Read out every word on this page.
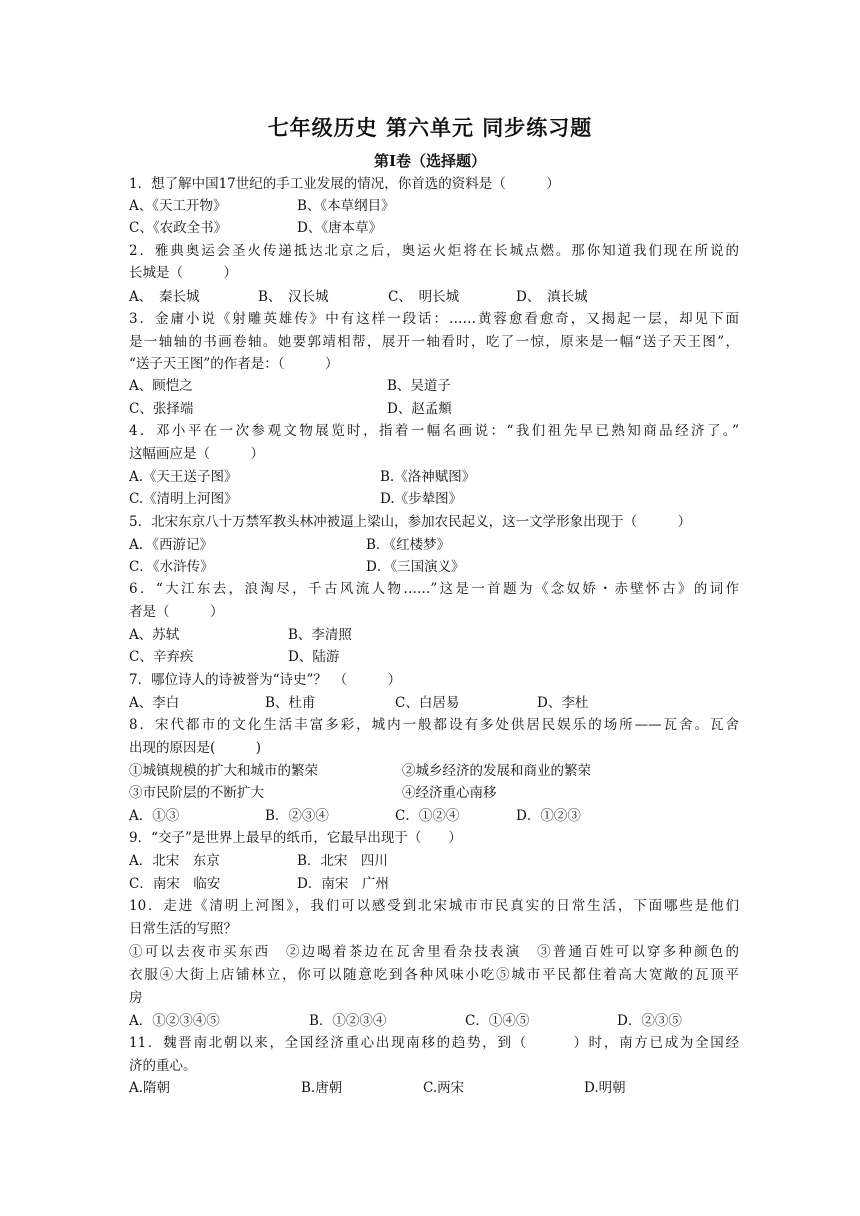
七年级历史 第六单元 同步练习题
第Ⅰ卷（选择题）
1．想了解中国17世纪的手工业发展的情况，你首选的资料是（　　　）
A、《天工开物》	B、《本草纲目》
C、《农政全书》	D、《唐本草》
2．雅典奥运会圣火传递抵达北京之后，奥运火炬将在长城点燃。那你知道我们现在所说的
长城是（　　　）
A、　秦长城	B、　汉长城	C、　明长城	D、　滇长城
3．金庸小说《射雕英雄传》中有这样一段话：……黄蓉愈看愈奇，又揭起一层，却见下面
是一轴轴的书画卷轴。她要郭靖相帮，展开一轴看时，吃了一惊，原来是一幅“送子天王图”，
“送子天王图”的作者是：（　　　）
A、顾恺之	B、吴道子
C、张择端	D、赵孟頫
4．邓小平在一次参观文物展览时，指着一幅名画说：“我们祖先早已熟知商品经济了。”
这幅画应是（　　　）
A.《天王送子图》	B.《洛神赋图》
C.《清明上河图》	D.《步辇图》
5．北宋东京八十万禁军教头林冲被逼上梁山，参加农民起义，这一文学形象出现于（　　　）
A．《西游记》	B．《红楼梦》
C．《水浒传》	D．《三国演义》
6．“大江东去，浪淘尽，千古风流人物……”这是一首题为《念奴娇・赤壁怀古》的词作
者是（　　　）
A、苏轼	B、李清照
C、辛弃疾	D、陆游
7．哪位诗人的诗被誉为“诗史”？　（　　　）
A、李白	B、杜甫	C、白居易	D、李杜
8．宋代都市的文化生活丰富多彩，城内一般都设有多处供居民娱乐的场所——瓦舍。瓦舍
出现的原因是(　　　)
①城镇规模的扩大和城市的繁荣	②城乡经济的发展和商业的繁荣
③市民阶层的不断扩大	④经济重心南移
A．①③	B．②③④	C．①②④	D．①②③
9．“交子”是世界上最早的纸币，它最早出现于（　　）
A．北宋　东京	B．北宋　四川
C．南宋　临安	D．南宋　广州
10．走进《清明上河图》，我们可以感受到北宋城市市民真实的日常生活，下面哪些是他们
日常生活的写照？
①可以去夜市买东西　②边喝着茶边在瓦舍里看杂技表演　③普通百姓可以穿多种颜色的
衣服④大街上店铺林立，你可以随意吃到各种风味小吃⑤城市平民都住着高大宽敞的瓦顶平
房
A．①②③④⑤	B．①②③④	C．①④⑤	D．②③⑤
11．魏晋南北朝以来，全国经济重心出现南移的趋势，到（　　　）时，南方已成为全国经
济的重心。
A.隋朝	B.唐朝	C.两宋	D.明朝
